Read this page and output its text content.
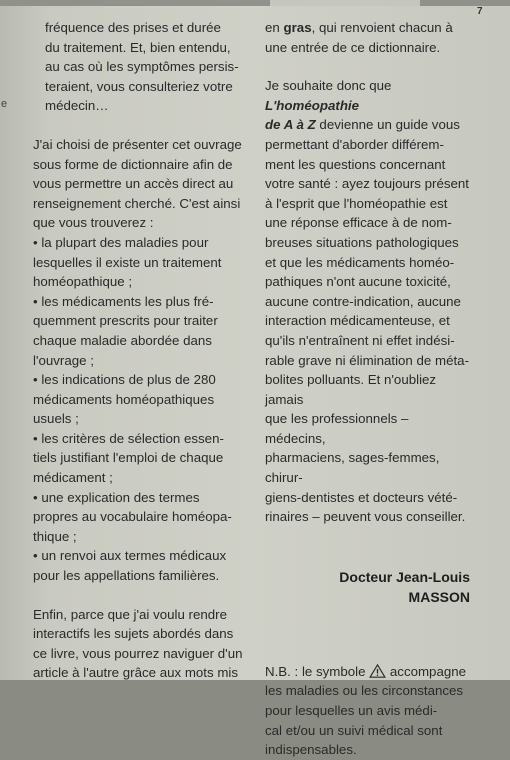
7
e

fréquence des prises et durée

du traitement. Et, bien entendu,

au cas où les symptômes persis-

teraient, vous consulteriez votre

médecin…

J'ai choisi de présenter cet ouvrage

sous forme de dictionnaire afin de

vous permettre un accès direct au

renseignement cherché. C'est ainsi

que vous trouverez :

• la plupart des maladies pour

lesquelles il existe un traitement

homéopathique ;

• les médicaments les plus fré-

quemment prescrits pour traiter

chaque maladie abordée dans

l'ouvrage ;

• les indications de plus de 280

médicaments homéopathiques

usuels ;

• les critères de sélection essen-

tiels justifiant l'emploi de chaque

médicament ;

• une explication des termes

propres au vocabulaire homéopa-

thique ;

• un renvoi aux termes médicaux

pour les appellations familières.

Enfin, parce que j'ai voulu rendre

interactifs les sujets abordés dans

ce livre, vous pourrez naviguer d'un

article à l'autre grâce aux mots mis

en gras, qui renvoient chacun à

une entrée de ce dictionnaire.

Je souhaite donc que L'homéopathie

de A à Z devienne un guide vous

permettant d'aborder différem-

ment les questions concernant

votre santé : ayez toujours présent

à l'esprit que l'homéopathie est

une réponse efficace à de nom-

breuses situations pathologiques

et que les médicaments homéo-

pathiques n'ont aucune toxicité,

aucune contre-indication, aucune

interaction médicamenteuse, et

qu'ils n'entraînent ni effet indési-

rable grave ni élimination de méta-

bolites polluants. Et n'oubliez jamais

que les professionnels – médecins,

pharmaciens, sages-femmes, chirur-

giens-dentistes et docteurs vété-

rinaires – peuvent vous conseiller.

Docteur Jean-Louis
MASSON

N.B. : le symbole  accompagne

les maladies ou les circonstances

pour lesquelles un avis médi-

cal et/ou un suivi médical sont

indispensables.
